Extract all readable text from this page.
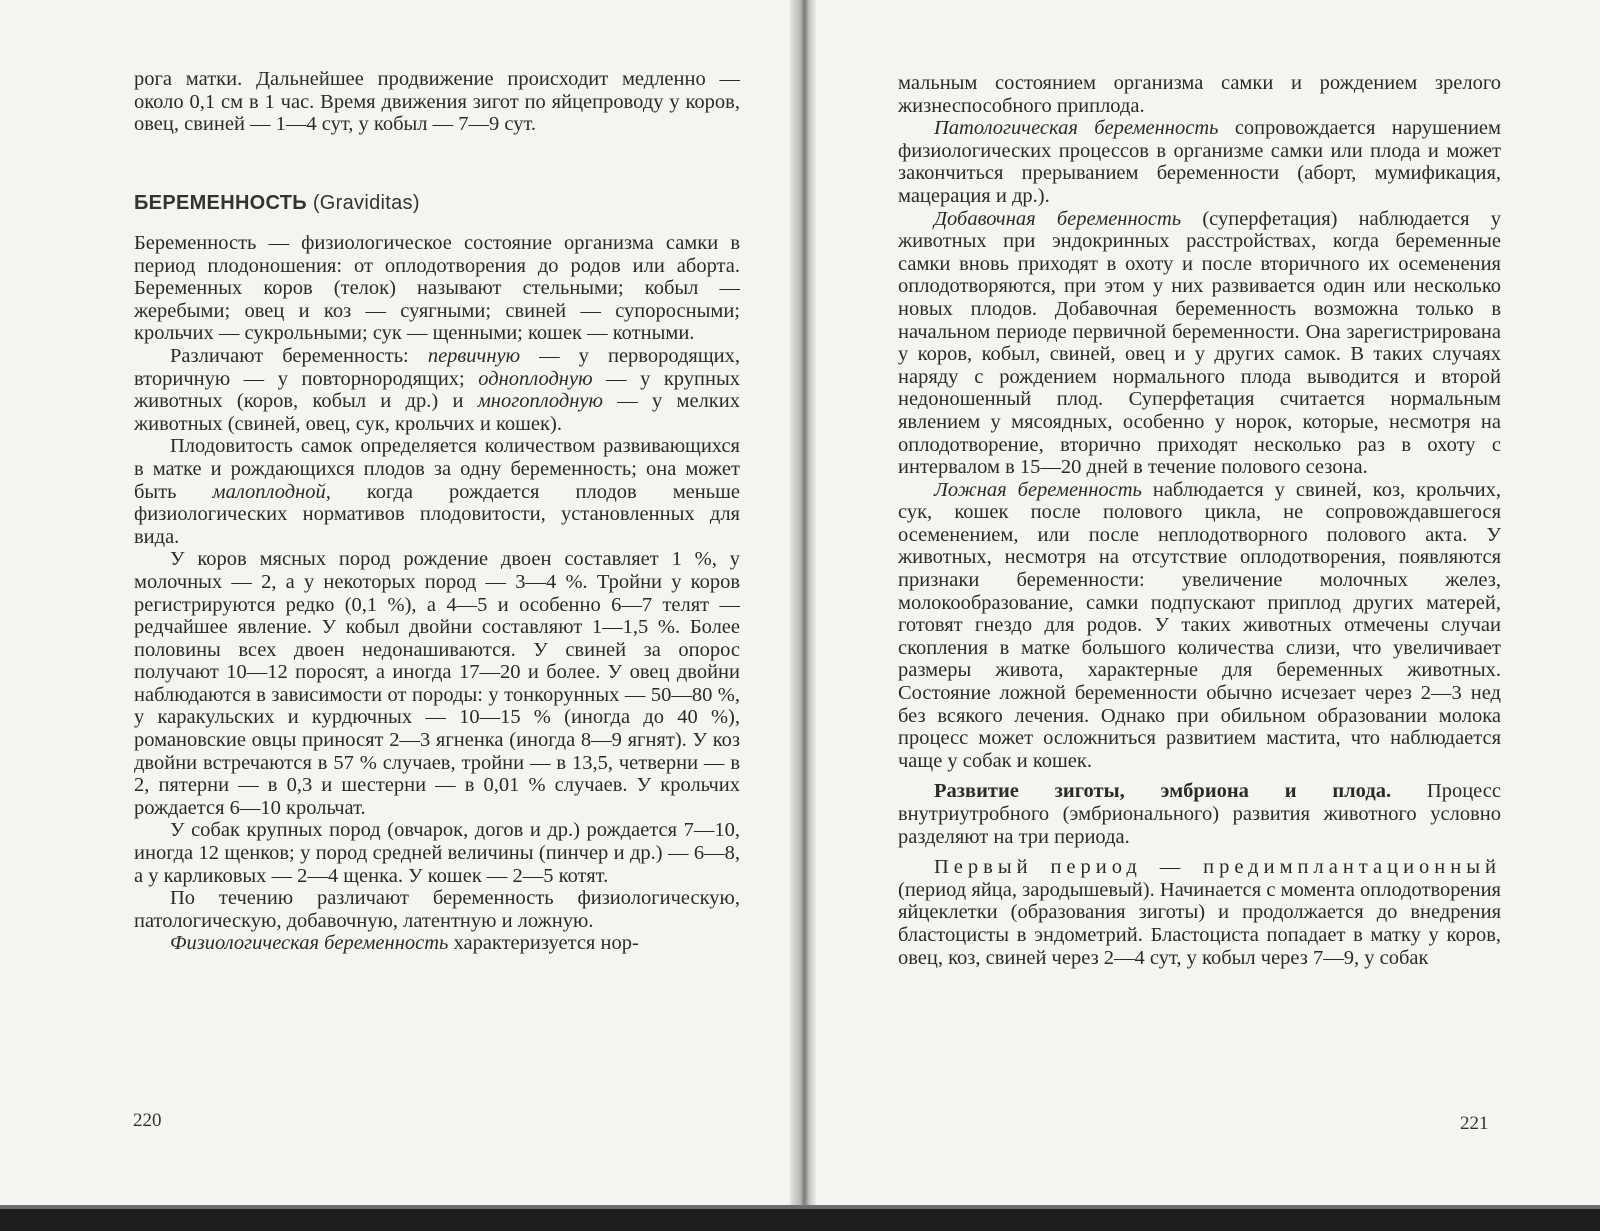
рога матки. Дальнейшее продвижение происходит медленно — около 0,1 см в 1 час. Время движения зигот по яйцепроводу у коров, овец, свиней — 1—4 сут, у кобыл — 7—9 сут.

БЕРЕМЕННОСТЬ (Graviditas)

Беременность — физиологическое состояние организма самки в период плодоношения: от оплодотворения до родов или аборта. Беременных коров (телок) называют стельными; кобыл — жеребыми; овец и коз — суягными; свиней — супоросными; крольчих — сукрольными; сук — щенными; кошек — котными.

Различают беременность: первичную — у первородящих, вторичную — у повторнородящих; одноплодную — у крупных животных (коров, кобыл и др.) и многоплодную — у мелких животных (свиней, овец, сук, крольчих и кошек).

Плодовитость самок определяется количеством развивающихся в матке и рождающихся плодов за одну беременность; она может быть малоплодной, когда рождается плодов меньше физиологических нормативов плодовитости, установленных для вида.

У коров мясных пород рождение двоен составляет 1 %, у молочных — 2, а у некоторых пород — 3—4 %. Тройни у коров регистрируются редко (0,1 %), а 4—5 и особенно 6—7 телят — редчайшее явление. У кобыл двойни составляют 1—1,5 %. Более половины всех двоен недонашиваются. У свиней за опорос получают 10—12 поросят, а иногда 17—20 и более. У овец двойни наблюдаются в зависимости от породы: у тонкорунных — 50—80 %, у каракульских и курдючных — 10—15 % (иногда до 40 %), романовские овцы приносят 2—3 ягненка (иногда 8—9 ягнят). У коз двойни встречаются в 57 % случаев, тройни — в 13,5, четверни — в 2, пятерни — в 0,3 и шестерни — в 0,01 % случаев. У крольчих рождается 6—10 крольчат.

У собак крупных пород (овчарок, догов и др.) рождается 7—10, иногда 12 щенков; у пород средней величины (пинчер и др.) — 6—8, а у карликовых — 2—4 щенка. У кошек — 2—5 котят.

По течению различают беременность физиологическую, патологическую, добавочную, латентную и ложную.

Физиологическая беременность характеризуется нор-

220	221

мальным состоянием организма самки и рождением зрелого жизнеспособного приплода.

Патологическая беременность сопровождается нарушением физиологических процессов в организме самки или плода и может закончиться прерыванием беременности (аборт, мумификация, мацерация и др.).

Добавочная беременность (суперфетация) наблюдается у животных при эндокринных расстройствах, когда беременные самки вновь приходят в охоту и после вторичного их осеменения оплодотворяются, при этом у них развивается один или несколько новых плодов. Добавочная беременность возможна только в начальном периоде первичной беременности. Она зарегистрирована у коров, кобыл, свиней, овец и у других самок. В таких случаях наряду с рождением нормального плода выводится и второй недоношенный плод. Суперфетация считается нормальным явлением у мясоядных, особенно у норок, которые, несмотря на оплодотворение, вторично приходят несколько раз в охоту с интервалом в 15—20 дней в течение полового сезона.

Ложная беременность наблюдается у свиней, коз, крольчих, сук, кошек после полового цикла, не сопровождавшегося осеменением, или после неплодотворного полового акта. У животных, несмотря на отсутствие оплодотворения, появляются признаки беременности: увеличение молочных желез, молокообразование, самки подпускают приплод других матерей, готовят гнездо для родов. У таких животных отмечены случаи скопления в матке большого количества слизи, что увеличивает размеры живота, характерные для беременных животных. Состояние ложной беременности обычно исчезает через 2—3 нед без всякого лечения. Однако при обильном образовании молока процесс может осложниться развитием мастита, что наблюдается чаще у собак и кошек.

Развитие зиготы, эмбриона и плода. Процесс внутриутробного (эмбрионального) развития животного условно разделяют на три периода.

Первый период — предимплантационный (период яйца, зародышевый). Начинается с момента оплодотворения яйцеклетки (образования зиготы) и продолжается до внедрения бластоцисты в эндометрий. Бластоциста попадает в матку у коров, овец, коз, свиней через 2—4 сут, у кобыл через 7—9, у собак
